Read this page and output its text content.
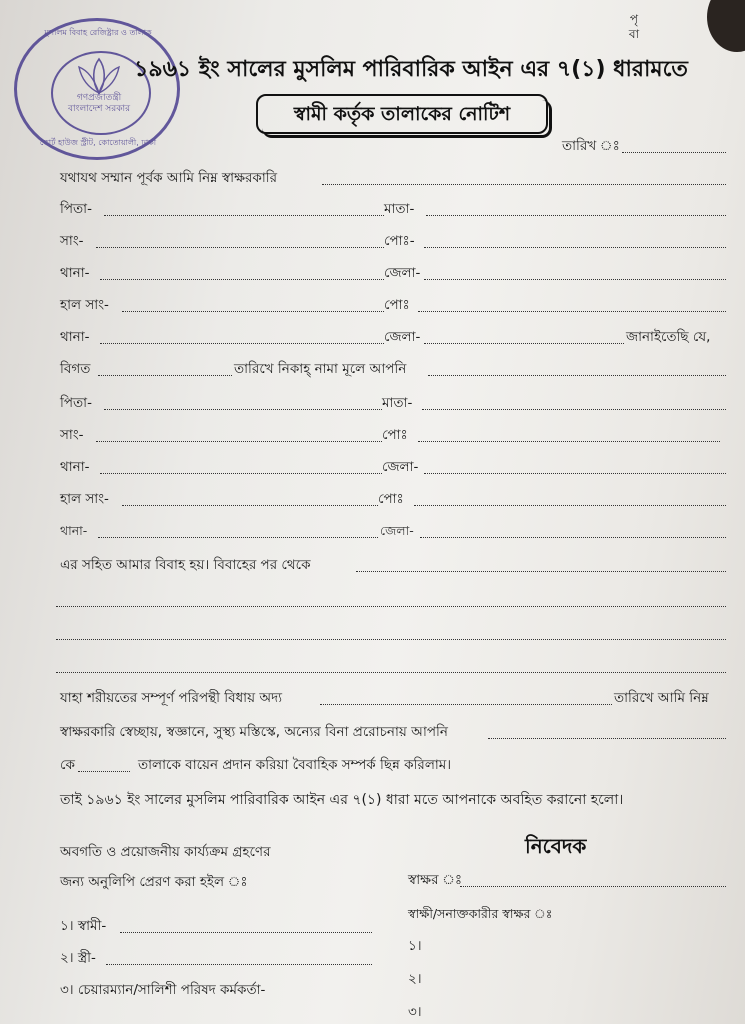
পৃ
বা
মুসলিম বিবাহ রেজিষ্ট্রার ও তালাক
গণপ্রজাতন্ত্রী বাংলাদেশ সরকার
কোর্ট হাউজ স্ট্রীট, কোতোয়ালী, ঢাকা
১৯৬১ ইং সালের মুসলিম পারিবারিক আইন এর ৭(১) ধারামতে
স্বামী কর্তৃক তালাকের নোটিশ
তারিখ ঃ
যথাযথ সম্মান পূর্বক আমি নিম্ন স্বাক্ষরকারি
পিতা-	মাতা-
সাং-	পোঃ-
থানা-	জেলা-
হাল সাং-	পোঃ
থানা-	জেলা-	জানাইতেছি যে,
বিগত	তারিখে নিকাহ্ নামা মূলে আপনি
পিতা-	মাতা-
সাং-	পোঃ
থানা-	জেলা-
হাল সাং-	পোঃ
থানা-	জেলা-
এর সহিত আমার বিবাহ হয়। বিবাহের পর থেকে
যাহা শরীয়তের সম্পূর্ণ পরিপন্থী বিধায় অদ্য	তারিখে আমি নিম্ন
স্বাক্ষরকারি স্বেচ্ছায়, স্বজ্ঞানে, সুস্থ্য মস্তিস্কে, অন্যের বিনা প্ররোচনায় আপনি
কে	তালাকে বায়েন প্রদান করিয়া বৈবাহিক সম্পর্ক ছিন্ন করিলাম।
তাই ১৯৬১ ইং সালের মুসলিম পারিবারিক আইন এর ৭(১) ধারা মতে আপনাকে অবহিত করানো হলো।
অবগতি ও প্রয়োজনীয় কার্য্যক্রম গ্রহণের
জন্য অনুলিপি প্রেরণ করা হইল ঃ
নিবেদক
স্বাক্ষর ঃ
স্বাক্ষী/সনাক্তকারীর স্বাক্ষর ঃ
১।
২।
৩।
১। স্বামী-
২। স্ত্রী-
৩। চেয়ারম্যান/সালিশী পরিষদ কর্মকর্তা-
